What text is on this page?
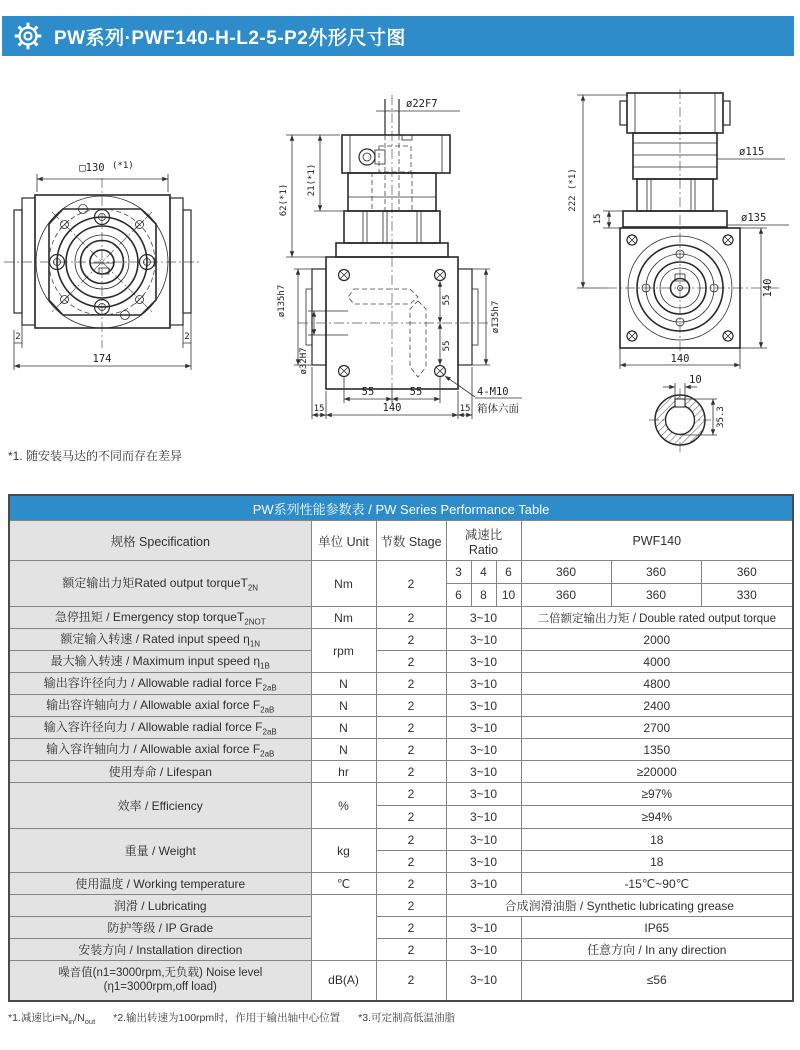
PW系列·PWF140-H-L2-5-P2外形尺寸图
□130 (*1)
2	2
174
ø22F7
62(*1)
21(*1)
ø135h7
ø32H7
ø135h7
55
55
55	55
15	140	15
4-M10
箱体六面
222 (*1)
ø115
ø135
15
140
140
10
35.3
*1. 随安装马达的不同而存在差异
PW系列性能参数表 / PW Series Performance Table								
规格 Specification	单位 Unit	节数 Stage	减速比 Ratio			PWF140		
额定输出力矩Rated output torqueT$_{2N}$	Nm	2	3	4	6	360	360	360
			6	8	10	360	360	330
急停扭矩 / Emergency stop torqueT$_{2NOT}$	Nm	2	3~10			二倍额定输出力矩 / Double rated output torque		
额定输入转速 / Rated input speed $\eta_{1N}$	rpm	2	3~10			2000		
最大输入转速 / Maximum input speed $\eta_{1B}$		2	3~10			4000		
输出容许径向力 / Allowable radial force $F_{2aB}$	N	2	3~10			4800		
输出容许轴向力 / Allowable axial force $F_{2aB}$	N	2	3~10			2400		
输入容许径向力 / Allowable radial force $F_{2aB}$	N	2	3~10			2700		
输入容许轴向力 / Allowable axial force $F_{2aB}$	N	2	3~10			1350		
使用寿命 / Lifespan	hr	2	3~10			≥20000		
效率 / Efficiency	%	2	3~10			≥97%		
		2	3~10			≥94%		
重量 / Weight	kg	2	3~10			18		
		2	3~10			18		
使用温度 / Working temperature	℃	2	3~10			-15℃~90℃		
润滑 / Lubricating		2	合成润滑油脂 / Synthetic lubricating grease					
防护等级 / IP Grade		2	3~10			IP65		
安装方向 / Installation direction		2	3~10			任意方向 / In any direction		

噪音值(n1=3000rpm,无负载) Noise level
(η1=3000rpm,off load)	dB(A)	2	3~10			≤56		
*1.减速比$i=N_{in}/N_{out}$ *2.输出转速为100rpm时，作用于输出轴中心位置 *3.可定制高低温油脂
